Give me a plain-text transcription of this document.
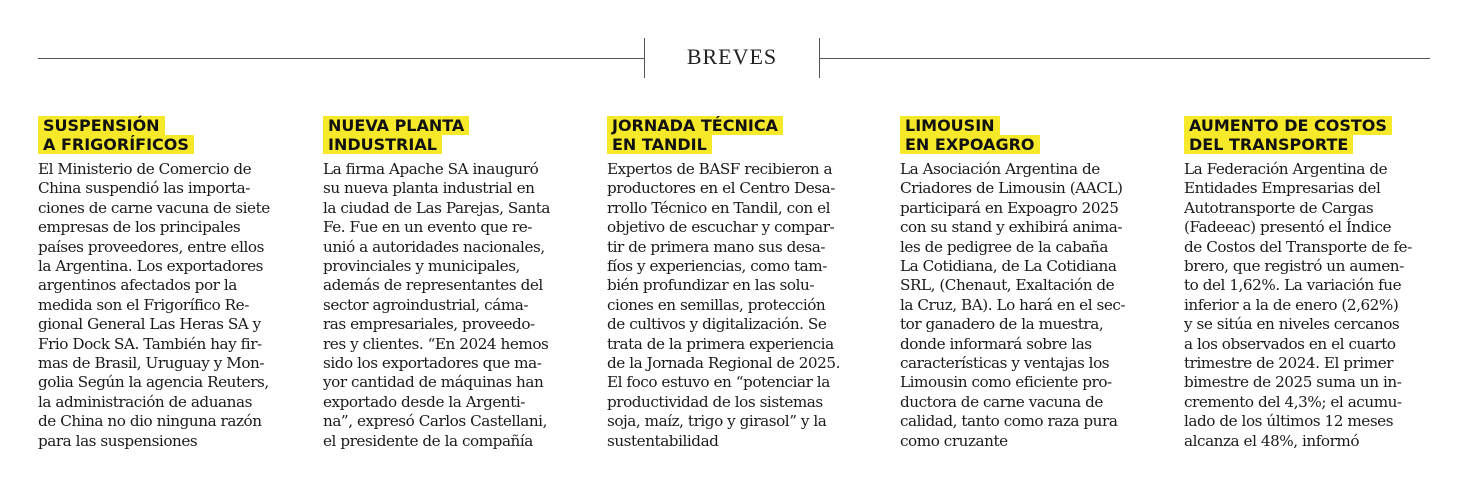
BREVES
SUSPENSIÓN
A FRIGORÍFICOS

El Ministerio de Comercio de
China suspendió las importa-
ciones de carne vacuna de siete
empresas de los principales
países proveedores, entre ellos
la Argentina. Los exportadores
argentinos afectados por la
medida son el Frigorífico Re-
gional General Las Heras SA y
Frio Dock SA. También hay fir-
mas de Brasil, Uruguay y Mon-
golia Según la agencia Reuters,
la administración de aduanas
de China no dio ninguna razón
para las suspensiones

NUEVA PLANTA
INDUSTRIAL

La firma Apache SA inauguró
su nueva planta industrial en
la ciudad de Las Parejas, Santa
Fe. Fue en un evento que re-
unió a autoridades nacionales,
provinciales y municipales,
además de representantes del
sector agroindustrial, cáma-
ras empresariales, proveedo-
res y clientes. “En 2024 hemos
sido los exportadores que ma-
yor cantidad de máquinas han
exportado desde la Argenti-
na”, expresó Carlos Castellani,
el presidente de la compañía

JORNADA TÉCNICA
EN TANDIL

Expertos de BASF recibieron a
productores en el Centro Desa-
rrollo Técnico en Tandil, con el
objetivo de escuchar y compar-
tir de primera mano sus desa-
fíos y experiencias, como tam-
bién profundizar en las solu-
ciones en semillas, protección
de cultivos y digitalización. Se
trata de la primera experiencia
de la Jornada Regional de 2025.
El foco estuvo en “potenciar la
productividad de los sistemas
soja, maíz, trigo y girasol” y la
sustentabilidad

LIMOUSIN
EN EXPOAGRO

La Asociación Argentina de
Criadores de Limousin (AACL)
participará en Expoagro 2025
con su stand y exhibirá anima-
les de pedigree de la cabaña
La Cotidiana, de La Cotidiana
SRL, (Chenaut, Exaltación de
la Cruz, BA). Lo hará en el sec-
tor ganadero de la muestra,
donde informará sobre las
características y ventajas los
Limousin como eficiente pro-
ductora de carne vacuna de
calidad, tanto como raza pura
como cruzante

AUMENTO DE COSTOS
DEL TRANSPORTE

La Federación Argentina de
Entidades Empresarias del
Autotransporte de Cargas
(Fadeeac) presentó el Índice
de Costos del Transporte de fe-
brero, que registró un aumen-
to del 1,62%. La variación fue
inferior a la de enero (2,62%)
y se sitúa en niveles cercanos
a los observados en el cuarto
trimestre de 2024. El primer
bimestre de 2025 suma un in-
cremento del 4,3%; el acumu-
lado de los últimos 12 meses
alcanza el 48%, informó
